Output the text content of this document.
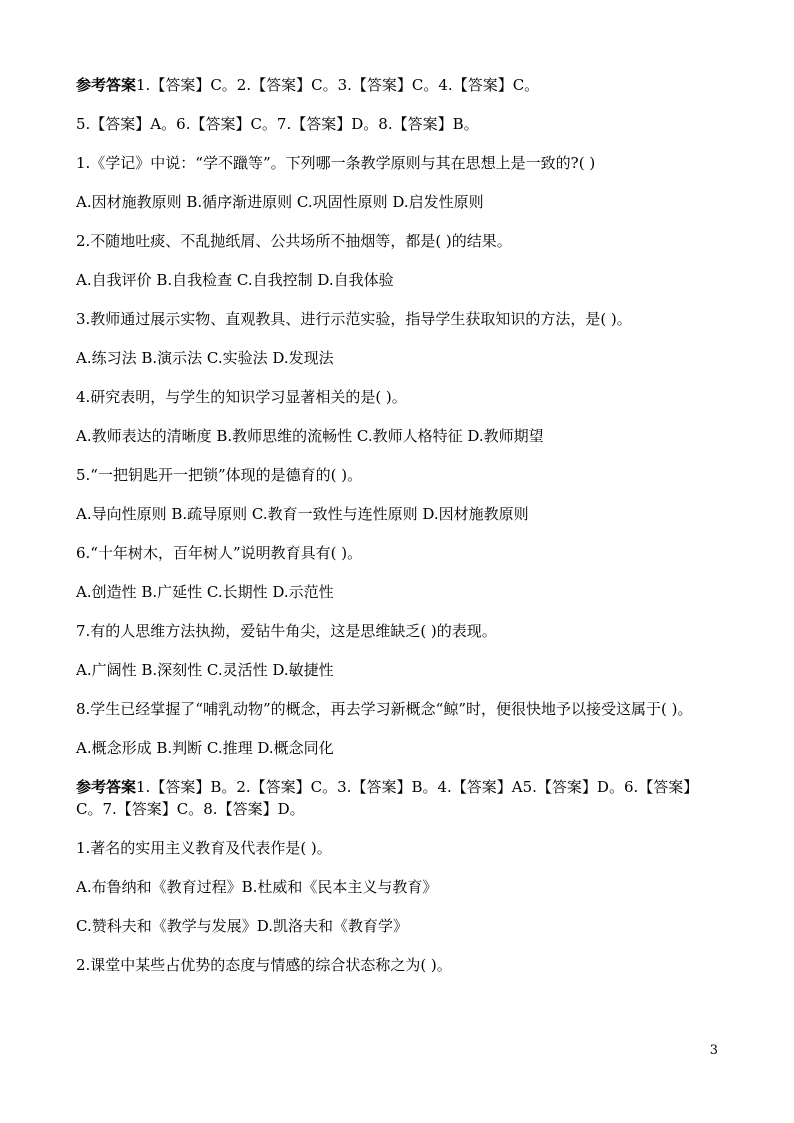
参考答案1.【答案】C。2.【答案】C。3.【答案】C。4.【答案】C。

5.【答案】A。6.【答案】C。7.【答案】D。8.【答案】B。

1.《学记》中说：“学不躐等”。下列哪一条教学原则与其在思想上是一致的?( )

A.因材施教原则 B.循序渐进原则 C.巩固性原则 D.启发性原则

2.不随地吐痰、不乱抛纸屑、公共场所不抽烟等，都是( )的结果。

A.自我评价 B.自我检查 C.自我控制 D.自我体验

3.教师通过展示实物、直观教具、进行示范实验，指导学生获取知识的方法，是( )。

A.练习法 B.演示法 C.实验法 D.发现法

4.研究表明，与学生的知识学习显著相关的是( )。

A.教师表达的清晰度 B.教师思维的流畅性 C.教师人格特征 D.教师期望

5.“一把钥匙开一把锁”体现的是德育的( )。

A.导向性原则 B.疏导原则 C.教育一致性与连性原则 D.因材施教原则

6.“十年树木，百年树人”说明教育具有( )。

A.创造性 B.广延性 C.长期性 D.示范性

7.有的人思维方法执拗，爱钻牛角尖，这是思维缺乏( )的表现。

A.广阔性 B.深刻性 C.灵活性 D.敏捷性

8.学生已经掌握了“哺乳动物”的概念，再去学习新概念“鲸”时，便很快地予以接受这属于( )。

A.概念形成 B.判断 C.推理 D.概念同化

参考答案1.【答案】B。2.【答案】C。3.【答案】B。4.【答案】A5.【答案】D。6.【答案】C。7.【答案】C。8.【答案】D。

1.著名的实用主义教育及代表作是( )。

A.布鲁纳和《教育过程》B.杜威和《民本主义与教育》

C.赞科夫和《教学与发展》D.凯洛夫和《教育学》

2.课堂中某些占优势的态度与情感的综合状态称之为( )。

3
